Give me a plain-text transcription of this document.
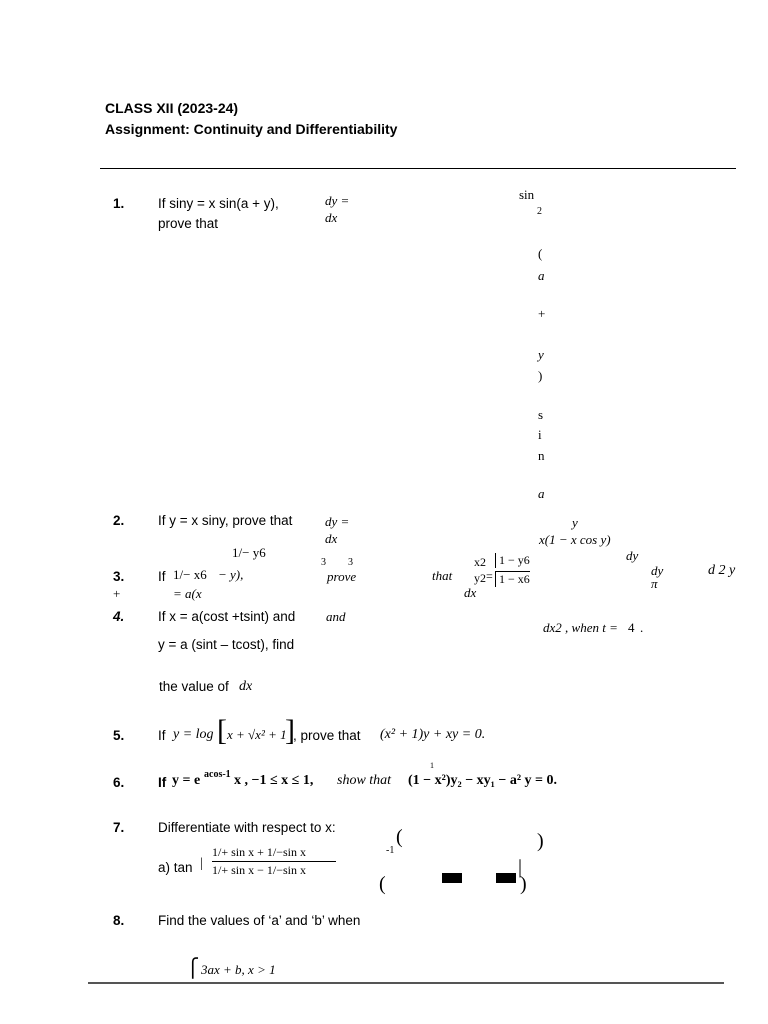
CLASS XII (2023-24)
Assignment: Continuity and Differentiability
1. If siny = x sin(a + y),
prove that
dy =
dx
sin
2
(
a
+
y
)
s
i
n
a
2. If y = x siny, prove that	dy =
dx
y
x(1 − x cos y)
1/− y6
3.
+
If 1/− x6 − y),
= a(x
3 3
prove	that
x2
y2 =
1 − y6
1 − x6
dx
dy
4. If x = a(cost +tsint) and and
dy
π
d 2 y
dx2 , when t = 4 .
y = a (sint – tcost), find
the value of dx
5. If y = log [ x + √x² + 1
]
, prove that (x² + 1)y + xy = 0.
1
6. If y = e acos-1 x , −1 ≤ x ≤ 1, show that (1 − x²)y₂ − xy₁ − a² y = 0.
7. Differentiate with respect to x:
1/+ sin x + 1/−sin x
1/+ sin x − 1/−sin x
a) tan |
-1
(	)
(
|
)
8. Find the values of ‘a’ and ‘b’ when
⎧ 3ax + b, x > 1
